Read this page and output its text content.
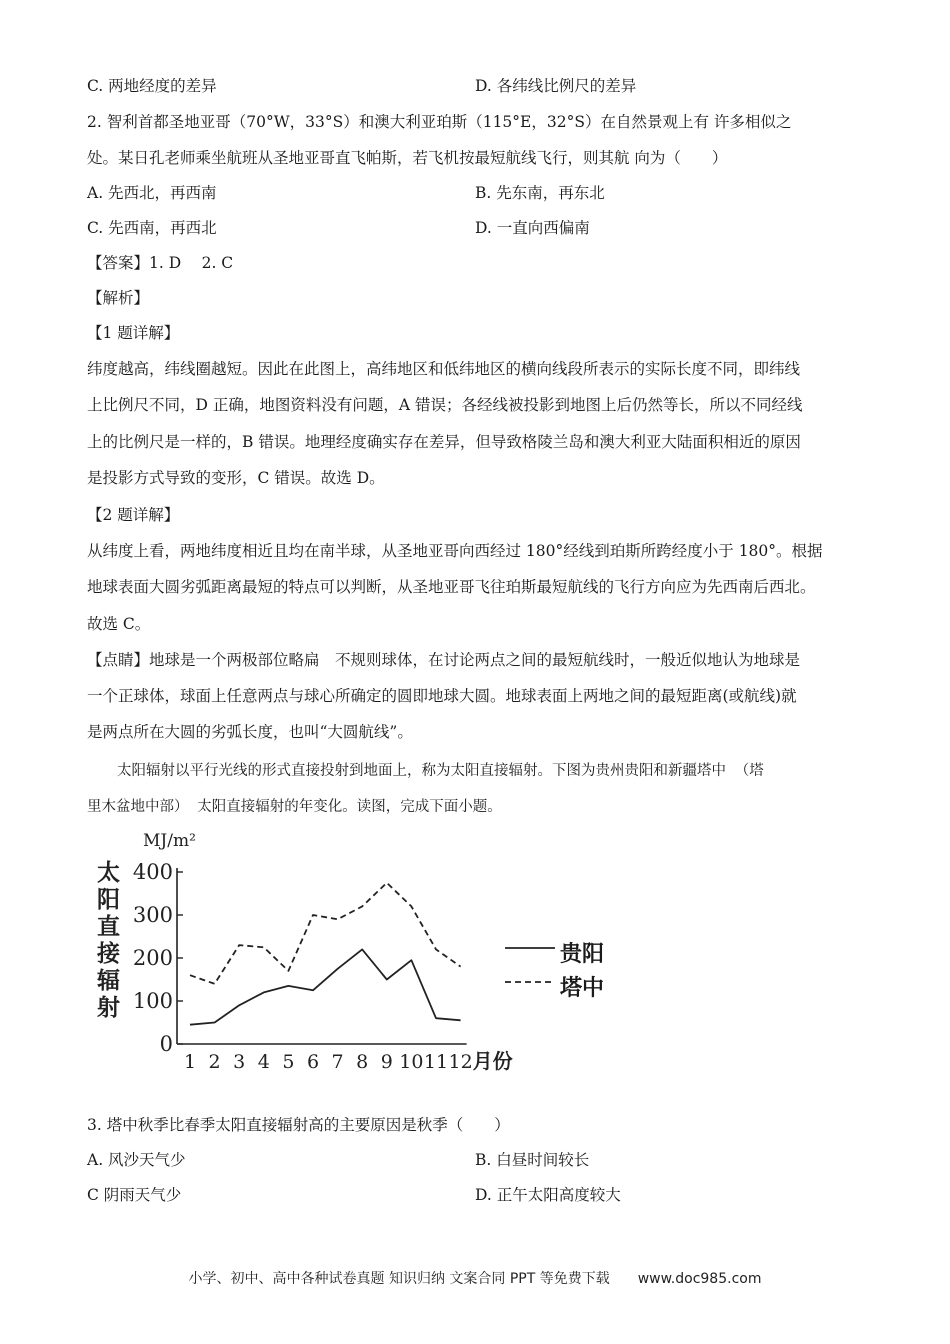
C. 两地经度的差异	D. 各纬线比例尺的差异
2. 智利首都圣地亚哥（70°W，33°S）和澳大利亚珀斯（115°E，32°S）在自然景观上有 许多相似之
处。某日孔老师乘坐航班从圣地亚哥直飞帕斯，若飞机按最短航线飞行，则其航 向为（　　）
A. 先西北，再西南	B. 先东南，再东北
C. 先西南，再西北	D. 一直向西偏南
【答案】1. D　 2. C
【解析】
【1 题详解】
纬度越高，纬线圈越短。因此在此图上，高纬地区和低纬地区的横向线段所表示的实际长度不同，即纬线
上比例尺不同，D 正确，地图资料没有问题，A 错误；各经线被投影到地图上后仍然等长，所以不同经线
上的比例尺是一样的，B 错误。地理经度确实存在差异，但导致格陵兰岛和澳大利亚大陆面积相近的原因
是投影方式导致的变形，C 错误。故选 D。
【2 题详解】
从纬度上看，两地纬度相近且均在南半球，从圣地亚哥向西经过 180°经线到珀斯所跨经度小于 180°。根据
地球表面大圆劣弧距离最短的特点可以判断，从圣地亚哥飞往珀斯最短航线的飞行方向应为先西南后西北。
故选 C。
【点睛】地球是一个两极部位略扁　不规则球体，在讨论两点之间的最短航线时，一般近似地认为地球是
一个正球体，球面上任意两点与球心所确定的圆即地球大圆。地球表面上两地之间的最短距离(或航线)就
是两点所在大圆的劣弧长度，也叫“大圆航线”。
太阳辐射以平行光线的形式直接投射到地面上，称为太阳直接辐射。下图为贵州贵阳和新疆塔中 （塔
里木盆地中部） 太阳直接辐射的年变化。读图，完成下面小题。
MJ/m²
太
阳
直
接
辐
射
0
100
200
300
400
1 2 3 4 5 6 7 8 9 10 11 12 月份
3. 塔中秋季比春季太阳直接辐射高的主要原因是秋季（　　）
A. 风沙天气少	B. 白昼时间较长
C 阴雨天气少	D. 正午太阳高度较大
小学、初中、高中各种试卷真题 知识归纳 文案合同 PPT 等免费下载　　www.doc985.com
贵阳
塔中
